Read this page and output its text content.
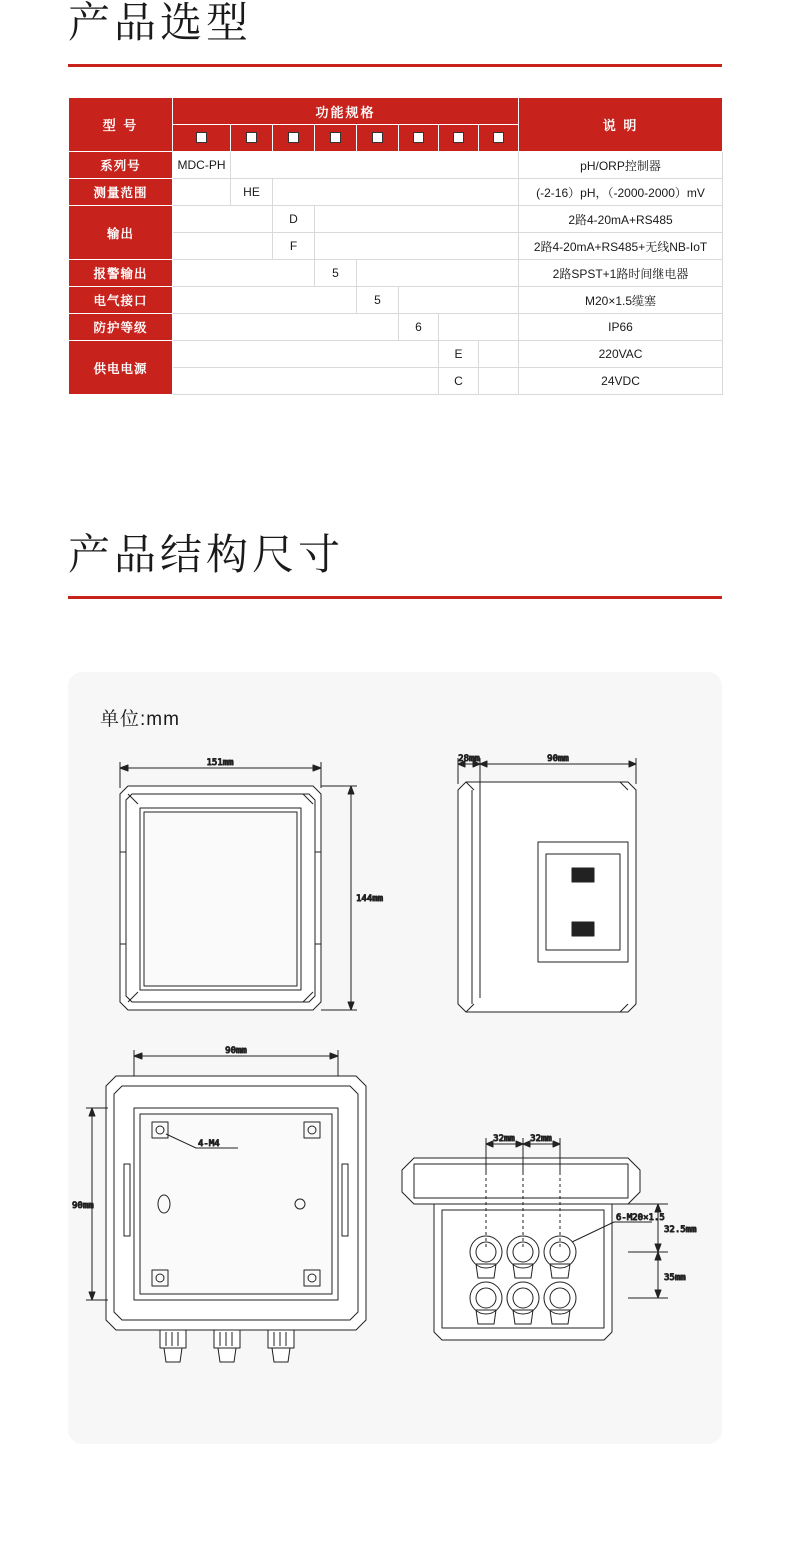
产品选型
型 号	功能规格								说 明

系列号	MDC-PH								pH/ORP控制器
测量范围		HE							(-2-16）pH，（-2000-2000）mV
输出			D						2路4-20mA+RS485
			F						2路4-20mA+RS485+无线NB-IoT
报警输出				5					2路SPST+1路时间继电器
电气接口					5				M20×1.5缆塞
防护等级						6			IP66
供电电源							E		220VAC
							C		24VDC
产品结构尺寸
单位:mm
151mm
144mm
28mm	90mm
90mm
90mm
4-M4	32mm 32mm
6-M20×1.5
32.5mm
35mm
